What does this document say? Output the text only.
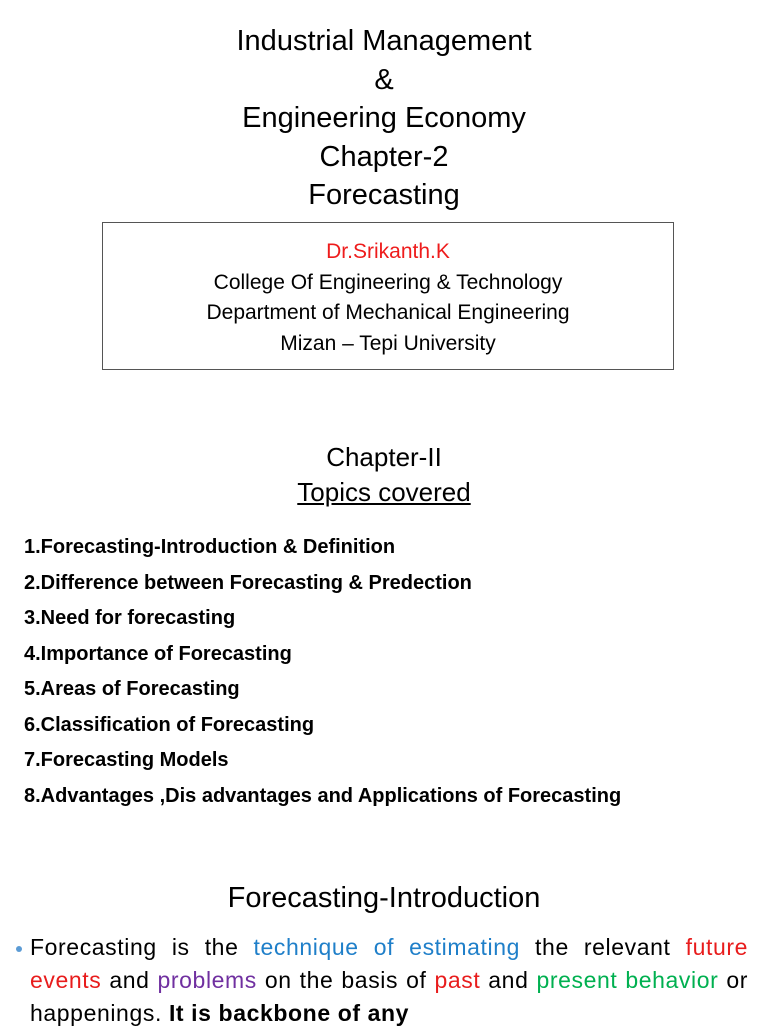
Industrial Management
&
Engineering Economy
Chapter-2
Forecasting
Dr.Srikanth.K
College Of Engineering & Technology
Department of Mechanical Engineering
Mizan – Tepi University
Chapter-II
Topics covered
1.Forecasting-Introduction & Definition
2.Difference between Forecasting & Predection
3.Need for forecasting
4.Importance of Forecasting
5.Areas of Forecasting
6.Classification of Forecasting
7.Forecasting Models
8.Advantages ,Dis advantages and Applications of Forecasting
Forecasting-Introduction
Forecasting is the technique of estimating the relevant future events and problems on the basis of past and present behavior or happenings. It is backbone of any
